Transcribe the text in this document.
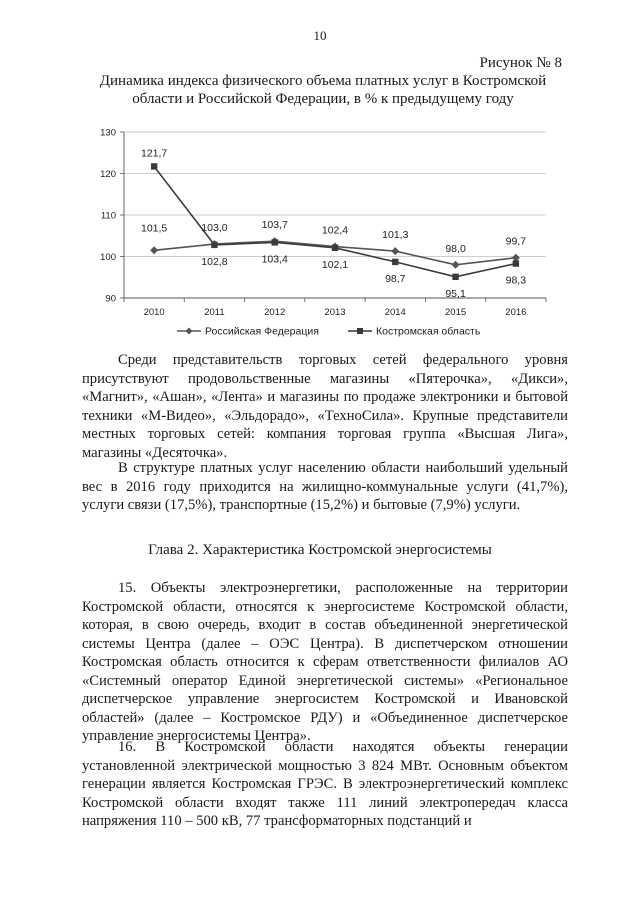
10
Рисунок № 8
Динамика индекса физического объема платных услуг в Костромской области и Российской Федерации, в % к предыдущему году
90
100
110
120
130
2010	2011	2012	2013	2014	2015	2016
101,5	103,0	103,7	102,4	101,3
98,0
99,7
121,7
102,8	103,4	102,1
98,7
95,1
98,3
Российская Федерация	Костромская область

Среди представительств торговых сетей федерального уровня присутствуют продовольственные магазины «Пятерочка», «Дикси», «Магнит», «Ашан», «Лента» и магазины по продаже электроники и бытовой техники «М-Видео», «Эльдорадо», «ТехноСила». Крупные представители местных торговых сетей: компания торговая группа «Высшая Лига», магазины «Десяточка».

В структуре платных услуг населению области наибольший удельный вес в 2016 году приходится на жилищно-коммунальные услуги (41,7%), услуги связи (17,5%), транспортные (15,2%) и бытовые (7,9%) услуги.

Глава 2. Характеристика Костромской энергосистемы

15. Объекты электроэнергетики, расположенные на территории Костромской области, относятся к энергосистеме Костромской области, которая, в свою очередь, входит в состав объединенной энергетической системы Центра (далее – ОЭС Центра). В диспетчерском отношении Костромская область относится к сферам ответственности филиалов АО «Системный оператор Единой энергетической системы» «Региональное диспетчерское управление энергосистем Костромской и Ивановской областей» (далее – Костромское РДУ) и «Объединенное диспетчерское управление энергосистемы Центра».

16. В Костромской области находятся объекты генерации установленной электрической мощностью 3 824 МВт. Основным объектом генерации является Костромская ГРЭС. В электроэнергетический комплекс Костромской области входят также 111 линий электропередач класса напряжения 110 – 500 кВ, 77 трансформаторных подстанций и
